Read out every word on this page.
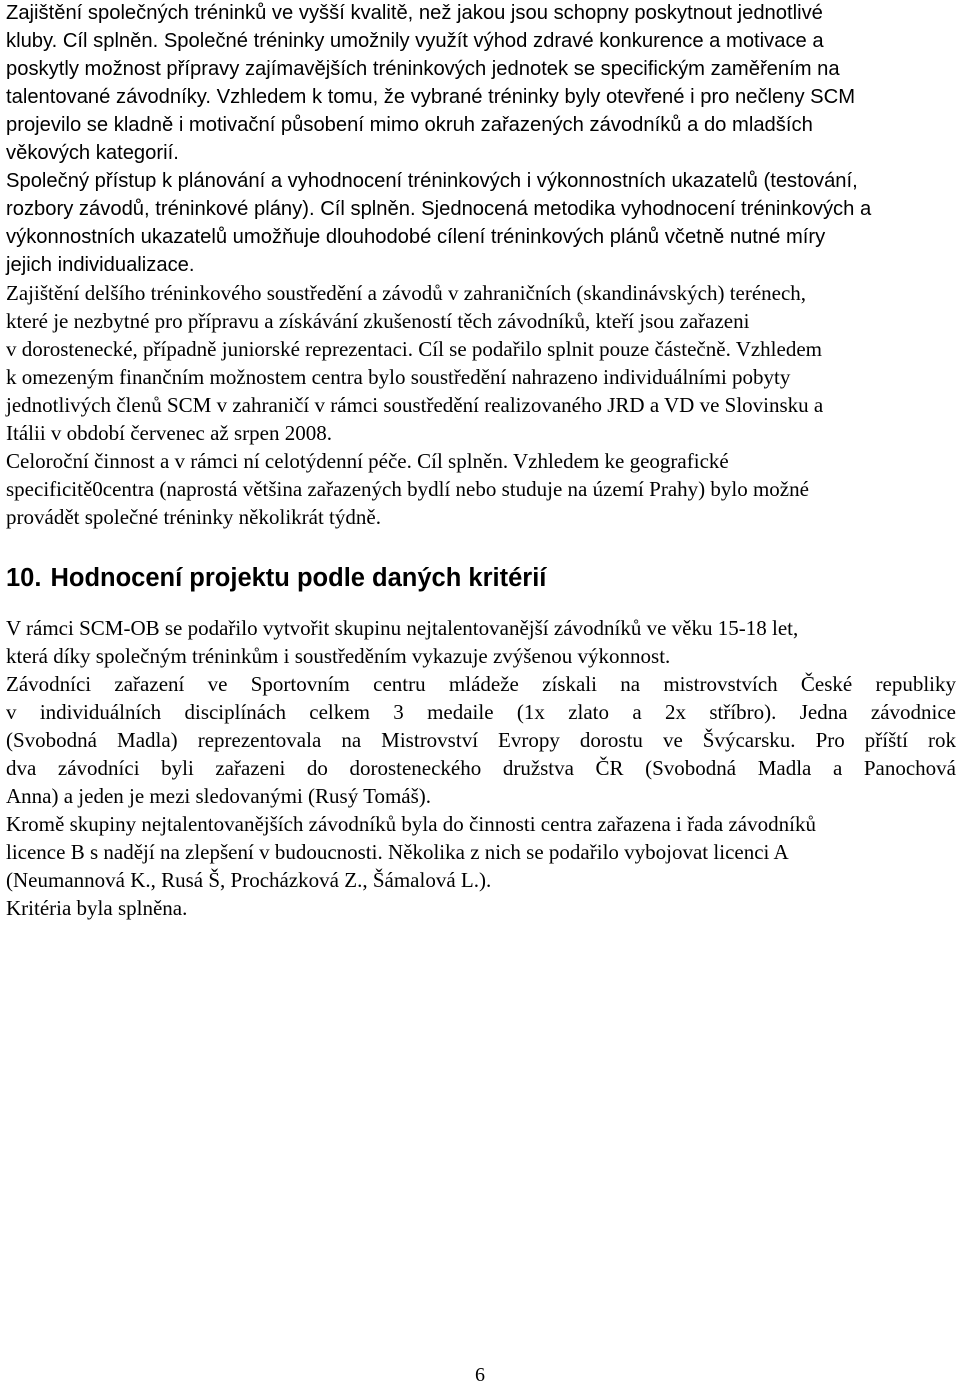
Zajištění společných tréninků ve vyšší kvalitě, než jakou jsou schopny poskytnout jednotlivé
kluby. Cíl splněn. Společné tréninky umožnily využít výhod zdravé konkurence a motivace a
poskytly možnost přípravy zajímavějších tréninkových jednotek se specifickým zaměřením na
talentované závodníky. Vzhledem k tomu, že vybrané tréninky byly otevřené i pro nečleny SCM
projevilo se kladně i motivační působení mimo okruh zařazených závodníků a do mladších
věkových kategorií.
Společný přístup k plánování a vyhodnocení tréninkových i výkonnostních ukazatelů (testování,
rozbory závodů, tréninkové plány). Cíl splněn. Sjednocená metodika vyhodnocení tréninkových a
výkonnostních ukazatelů umožňuje dlouhodobé cílení tréninkových plánů včetně nutné míry
jejich individualizace.
Zajištění delšího tréninkového soustředění a závodů v zahraničních (skandinávských) terénech,
které je nezbytné pro přípravu a získávání zkušeností těch závodníků, kteří jsou zařazeni
v dorostenecké, případně juniorské reprezentaci. Cíl se podařilo splnit pouze částečně. Vzhledem
k omezeným finančním možnostem centra bylo soustředění nahrazeno individuálními pobyty
jednotlivých členů SCM v zahraničí v rámci soustředění realizovaného JRD a VD ve Slovinsku a
Itálii v období červenec až srpen 2008.
Celoroční činnost a v rámci ní celotýdenní péče. Cíl splněn. Vzhledem ke geografické
specificitě0centra (naprostá většina zařazených bydlí nebo studuje na území Prahy) bylo možné
provádět společné tréninky několikrát týdně.
10. Hodnocení projektu podle daných kritérií
V rámci SCM-OB se podařilo vytvořit skupinu nejtalentovanější závodníků ve věku 15-18 let,
která díky společným tréninkům i soustředěním vykazuje zvýšenou výkonnost.
Závodníci zařazení ve Sportovním centru mládeže získali na mistrovstvích České republiky
v individuálních disciplínách celkem 3 medaile (1x zlato a 2x stříbro). Jedna závodnice
(Svobodná Madla) reprezentovala na Mistrovství Evropy dorostu ve Švýcarsku. Pro příští rok
dva závodníci byli zařazeni do dorosteneckého družstva ČR (Svobodná Madla a Panochová
Anna) a jeden je mezi sledovanými (Rusý Tomáš).
Kromě skupiny nejtalentovanějších závodníků byla do činnosti centra zařazena i řada závodníků
licence B s nadějí na zlepšení v budoucnosti. Několika z nich se podařilo vybojovat licenci A
(Neumannová K., Rusá Š, Procházková Z., Šámalová L.).
Kritéria byla splněna.
6
